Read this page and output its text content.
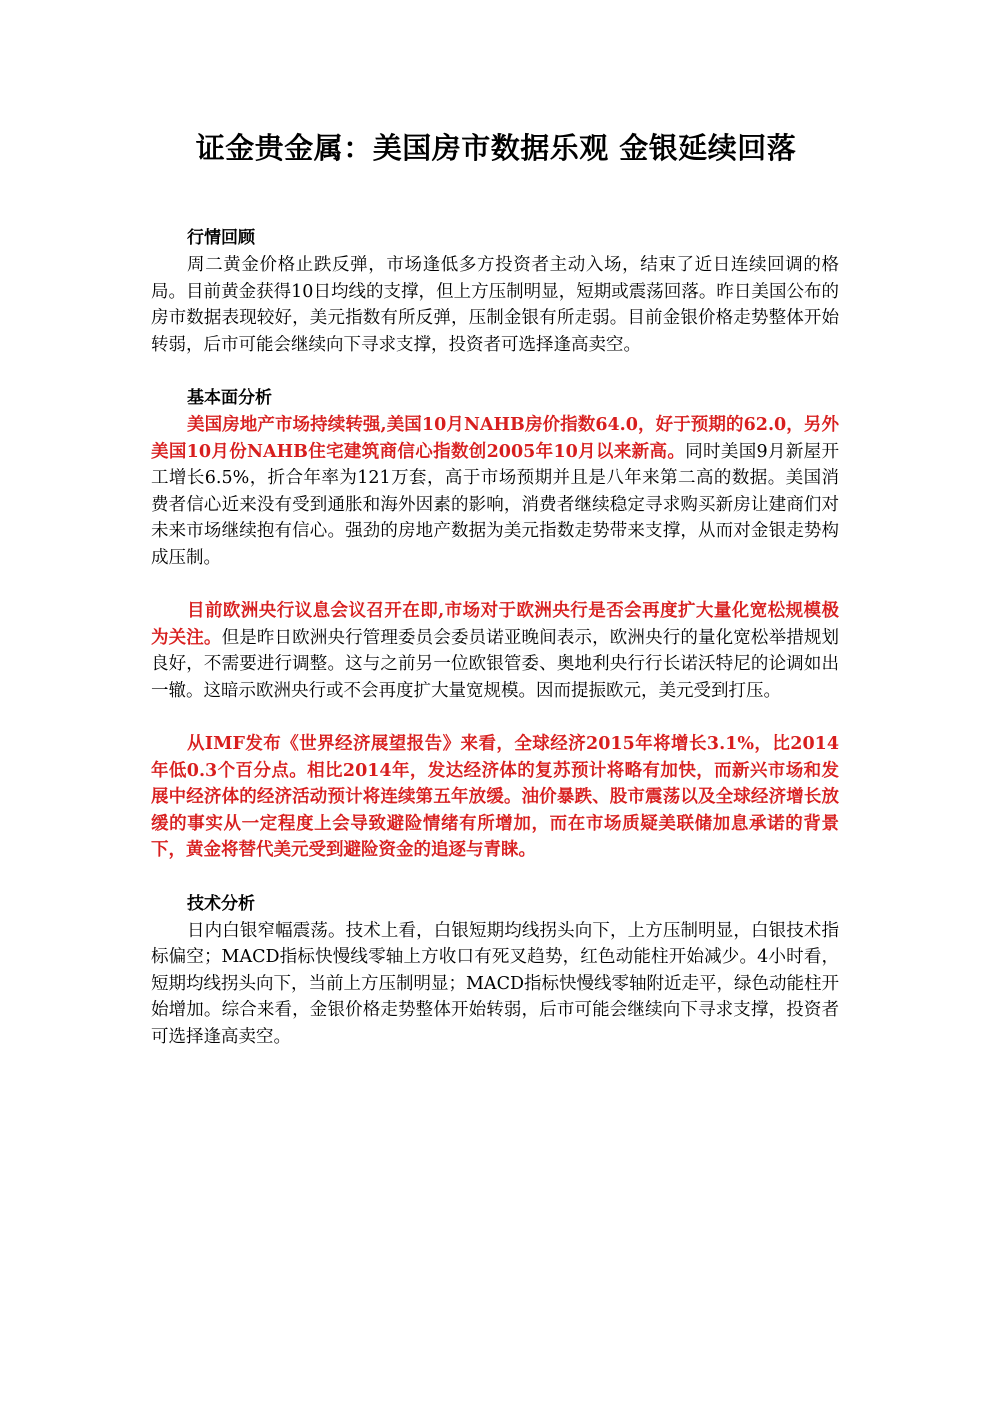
证金贵金属：美国房市数据乐观 金银延续回落
行情回顾

周二黄金价格止跌反弹，市场逢低多方投资者主动入场，结束了近日连续回调的格局。目前黄金获得10日均线的支撑，但上方压制明显，短期或震荡回落。昨日美国公布的房市数据表现较好，美元指数有所反弹，压制金银有所走弱。目前金银价格走势整体开始转弱，后市可能会继续向下寻求支撑，投资者可选择逢高卖空。

基本面分析

美国房地产市场持续转强,美国10月NAHB房价指数64.0，好于预期的62.0，另外美国10月份NAHB住宅建筑商信心指数创2005年10月以来新高。同时美国9月新屋开工增长6.5%，折合年率为121万套，高于市场预期并且是八年来第二高的数据。美国消费者信心近来没有受到通胀和海外因素的影响，消费者继续稳定寻求购买新房让建商们对未来市场继续抱有信心。强劲的房地产数据为美元指数走势带来支撑，从而对金银走势构成压制。

目前欧洲央行议息会议召开在即,市场对于欧洲央行是否会再度扩大量化宽松规模极为关注。但是昨日欧洲央行管理委员会委员诺亚晚间表示，欧洲央行的量化宽松举措规划良好，不需要进行调整。这与之前另一位欧银管委、奥地利央行行长诺沃特尼的论调如出一辙。这暗示欧洲央行或不会再度扩大量宽规模。因而提振欧元，美元受到打压。

从IMF发布《世界经济展望报告》来看，全球经济2015年将增长3.1%，比2014年低0.3个百分点。相比2014年，发达经济体的复苏预计将略有加快，而新兴市场和发展中经济体的经济活动预计将连续第五年放缓。油价暴跌、股市震荡以及全球经济增长放缓的事实从一定程度上会导致避险情绪有所增加，而在市场质疑美联储加息承诺的背景下，黄金将替代美元受到避险资金的追逐与青睐。

技术分析

日内白银窄幅震荡。技术上看，白银短期均线拐头向下，上方压制明显，白银技术指标偏空；MACD指标快慢线零轴上方收口有死叉趋势，红色动能柱开始减少。4小时看，短期均线拐头向下，当前上方压制明显；MACD指标快慢线零轴附近走平，绿色动能柱开始增加。综合来看，金银价格走势整体开始转弱，后市可能会继续向下寻求支撑，投资者可选择逢高卖空。
